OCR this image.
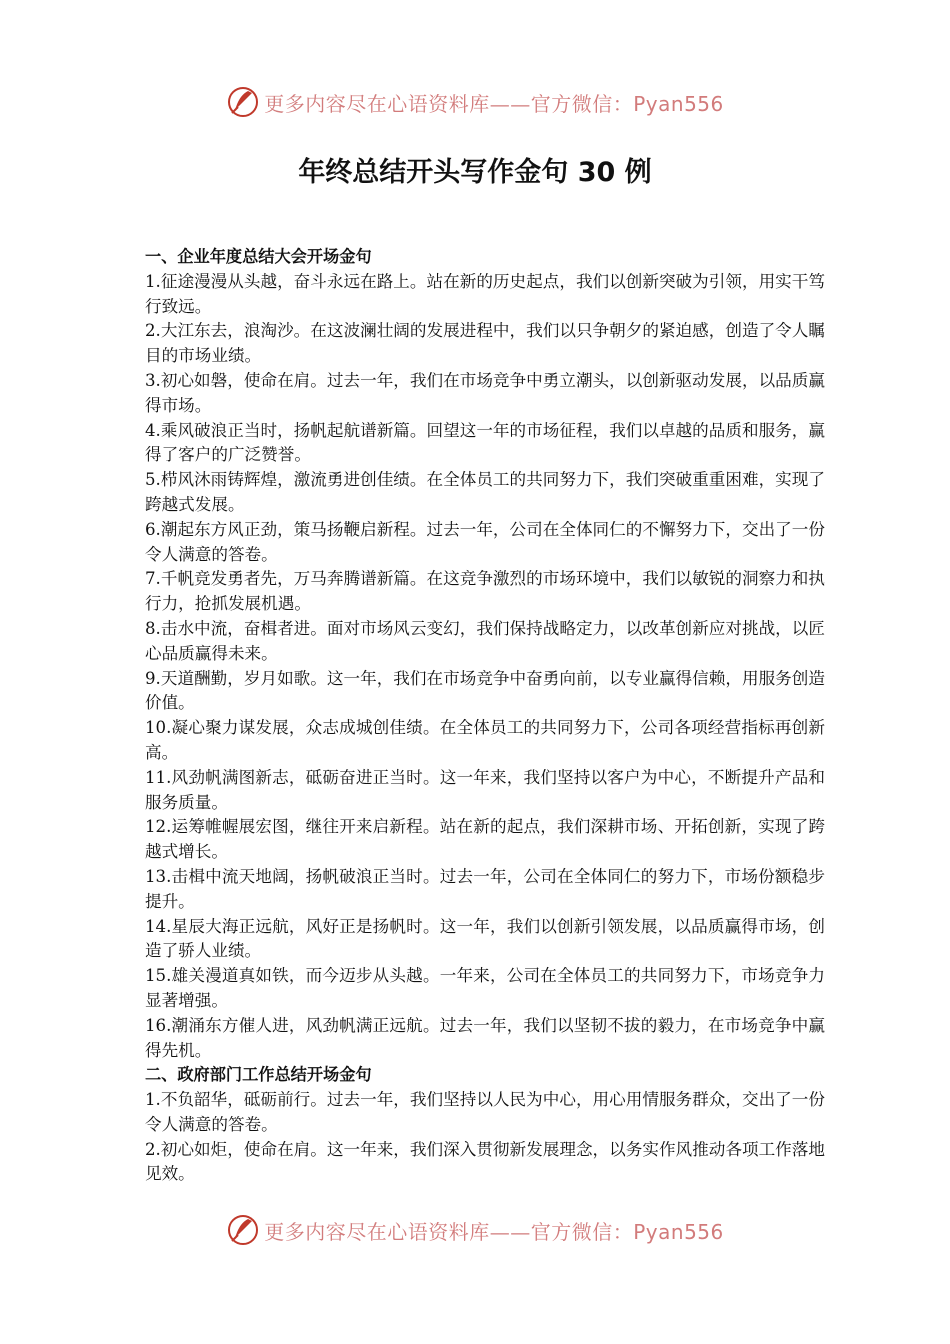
更多内容尽在心语资料库——官方微信：Pyan556
年终总结开头写作金句 30 例

一、企业年度总结大会开场金句

1.征途漫漫从头越，奋斗永远在路上。站在新的历史起点，我们以创新突破为引领，用实干笃行致远。

2.大江东去，浪淘沙。在这波澜壮阔的发展进程中，我们以只争朝夕的紧迫感，创造了令人瞩目的市场业绩。

3.初心如磐，使命在肩。过去一年，我们在市场竞争中勇立潮头，以创新驱动发展，以品质赢得市场。

4.乘风破浪正当时，扬帆起航谱新篇。回望这一年的市场征程，我们以卓越的品质和服务，赢得了客户的广泛赞誉。

5.栉风沐雨铸辉煌，激流勇进创佳绩。在全体员工的共同努力下，我们突破重重困难，实现了跨越式发展。

6.潮起东方风正劲，策马扬鞭启新程。过去一年，公司在全体同仁的不懈努力下，交出了一份令人满意的答卷。

7.千帆竞发勇者先，万马奔腾谱新篇。在这竞争激烈的市场环境中，我们以敏锐的洞察力和执行力，抢抓发展机遇。

8.击水中流，奋楫者进。面对市场风云变幻，我们保持战略定力，以改革创新应对挑战，以匠心品质赢得未来。

9.天道酬勤，岁月如歌。这一年，我们在市场竞争中奋勇向前，以专业赢得信赖，用服务创造价值。

10.凝心聚力谋发展，众志成城创佳绩。在全体员工的共同努力下，公司各项经营指标再创新高。

11.风劲帆满图新志，砥砺奋进正当时。这一年来，我们坚持以客户为中心，不断提升产品和服务质量。

12.运筹帷幄展宏图，继往开来启新程。站在新的起点，我们深耕市场、开拓创新，实现了跨越式增长。

13.击楫中流天地阔，扬帆破浪正当时。过去一年，公司在全体同仁的努力下，市场份额稳步提升。

14.星辰大海正远航，风好正是扬帆时。这一年，我们以创新引领发展，以品质赢得市场，创造了骄人业绩。

15.雄关漫道真如铁，而今迈步从头越。一年来，公司在全体员工的共同努力下，市场竞争力显著增强。

16.潮涌东方催人进，风劲帆满正远航。过去一年，我们以坚韧不拔的毅力，在市场竞争中赢得先机。

二、政府部门工作总结开场金句

1.不负韶华，砥砺前行。过去一年，我们坚持以人民为中心，用心用情服务群众，交出了一份令人满意的答卷。

2.初心如炬，使命在肩。这一年来，我们深入贯彻新发展理念，以务实作风推动各项工作落地见效。

更多内容尽在心语资料库——官方微信：Pyan556
